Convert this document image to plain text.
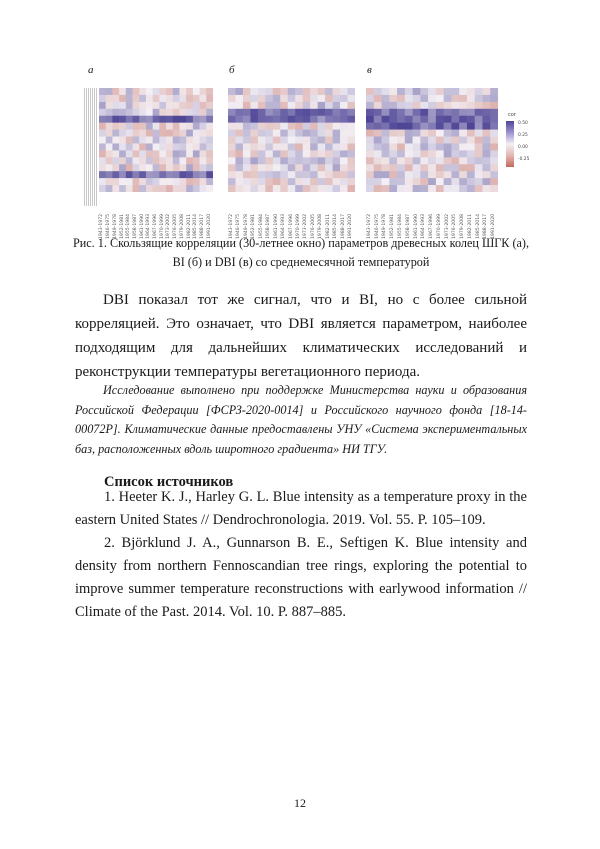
а	б	в
1943-1972 1946-1975 1949-1978 1952-1981 1955-1984 1958-1987 1961-1990 1964-1993 1967-1996 1970-1999 1973-2002 1976-2005 1979-2008 1982-2011 1985-2014 1988-2017 1991-2020	1943-1972 1946-1975 1949-1978 1952-1981 1955-1984 1958-1987 1961-1990 1964-1993 1967-1996 1970-1999 1973-2002 1976-2005 1979-2008 1982-2011 1985-2014 1988-2017 1991-2020	1943-1972 1946-1975 1949-1978 1952-1981 1955-1984 1958-1987 1961-1990 1964-1993 1967-1996 1970-1999 1973-2002 1976-2005 1979-2008 1982-2011 1985-2014 1988-2017 1991-2020
cor
0.50
0.25
0.00
-0.25
Рис. 1. Скользящие корреляции (30-летнее окно) параметров древесных колец ШГК (а),
BI (б) и DBI (в) со среднемесячной температурой
DBI показал тот же сигнал, что и BI, но с более сильной корреляцией. Это означает, что DBI является параметром, наиболее подходящим для дальнейших климатических исследований и реконструкции температуры вегетационного периода.
Исследование выполнено при поддержке Министерства науки и образования Российской Федерации [ФСРЗ-2020-0014] и Российского научного фонда [18-14-00072Р]. Климатические данные предоставлены УНУ «Система экспериментальных баз, расположенных вдоль широтного градиента» НИ ТГУ.
Список источников
1. Heeter K. J., Harley G. L. Blue intensity as a temperature proxy in the eastern United States // Dendrochronologia. 2019. Vol. 55. P. 105–109.
2. Björklund J. A., Gunnarson B. E., Seftigen K. Blue intensity and density from northern Fennoscandian tree rings, exploring the potential to improve summer temperature reconstructions with earlywood information // Climate of the Past. 2014. Vol. 10. P. 887–885.
12
